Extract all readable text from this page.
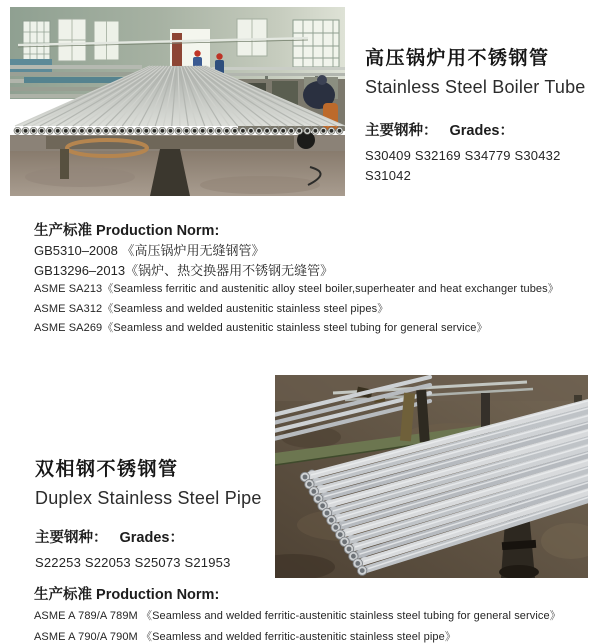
高压锅炉用不锈钢管
Stainless Steel Boiler Tube
主要钢种： Grades：
S30409 S32169 S34779 S30432 S31042
生产标准 Production Norm:
GB5310–2008 《高压锅炉用无缝钢管》
GB13296–2013《锅炉、热交换器用不锈钢无缝管》
ASME SA213《Seamless ferritic and austenitic alloy steel boiler,superheater and heat exchanger tubes》
ASME SA312《Seamless and welded austenitic stainless steel pipes》
ASME SA269《Seamless and welded austenitic stainless steel tubing for general service》
双相钢不锈钢管
Duplex Stainless Steel Pipe
主要钢种： Grades：
S22253 S22053 S25073 S21953
生产标准 Production Norm:
ASME A 789/A 789M 《Seamless and welded ferritic-austenitic stainless steel tubing for general service》
ASME A 790/A 790M 《Seamless and welded ferritic-austenitic stainless steel pipe》
